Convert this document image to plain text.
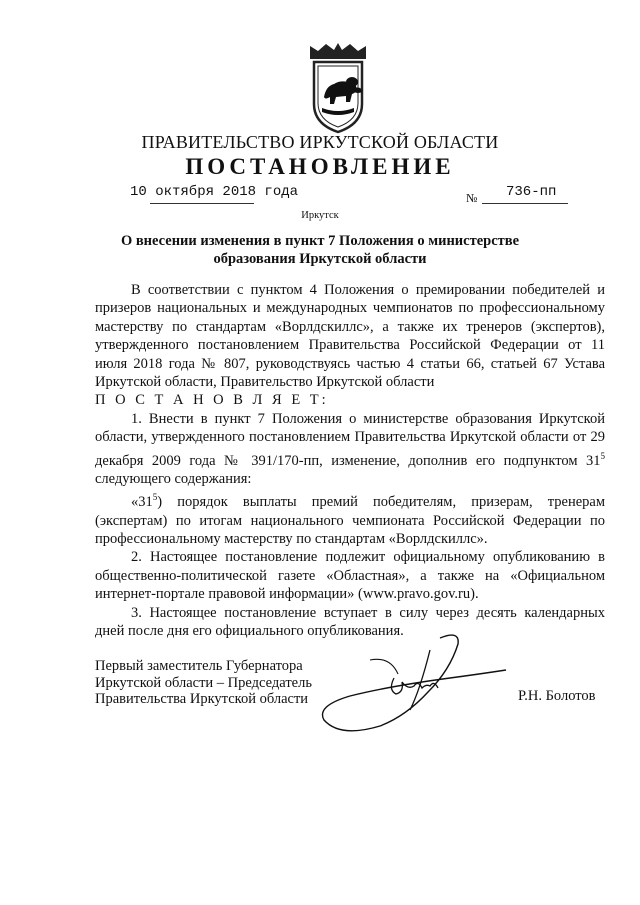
ПРАВИТЕЛЬСТВО ИРКУТСКОЙ ОБЛАСТИ
ПОСТАНОВЛЕНИЕ
10 октября 2018 года	№ 736-пп
Иркутск
О внесении изменения в пункт 7 Положения о министерстве образования Иркутской области

В соответствии с пунктом 4 Положения о премировании победителей и призеров национальных и международных чемпионатов по профессиональному мастерству по стандартам «Ворлдскиллс», а также их тренеров (экспертов), утвержденного постановлением Правительства Российской Федерации от 11 июля 2018 года № 807, руководствуясь частью 4 статьи 66, статьей 67 Устава Иркутской области, Правительство Иркутской области

П О С Т А Н О В Л Я Е Т:

1. Внести в пункт 7 Положения о министерстве образования Иркутской области, утвержденного постановлением Правительства Иркутской области от 29 декабря 2009 года № 391/170-пп, изменение, дополнив его подпунктом $31^5$ следующего содержания:

«$31^5$) порядок выплаты премий победителям, призерам, тренерам (экспертам) по итогам национального чемпионата Российской Федерации по профессиональному мастерству по стандартам «Ворлдскиллс».

2. Настоящее постановление подлежит официальному опубликованию в общественно-политической газете «Областная», а также на «Официальном интернет-портале правовой информации» (www.pravo.gov.ru).

3. Настоящее постановление вступает в силу через десять календарных дней после дня его официального опубликования.

Первый заместитель Губернатора
Иркутской области – Председатель
Правительства Иркутской области	Р.Н. Болотов
